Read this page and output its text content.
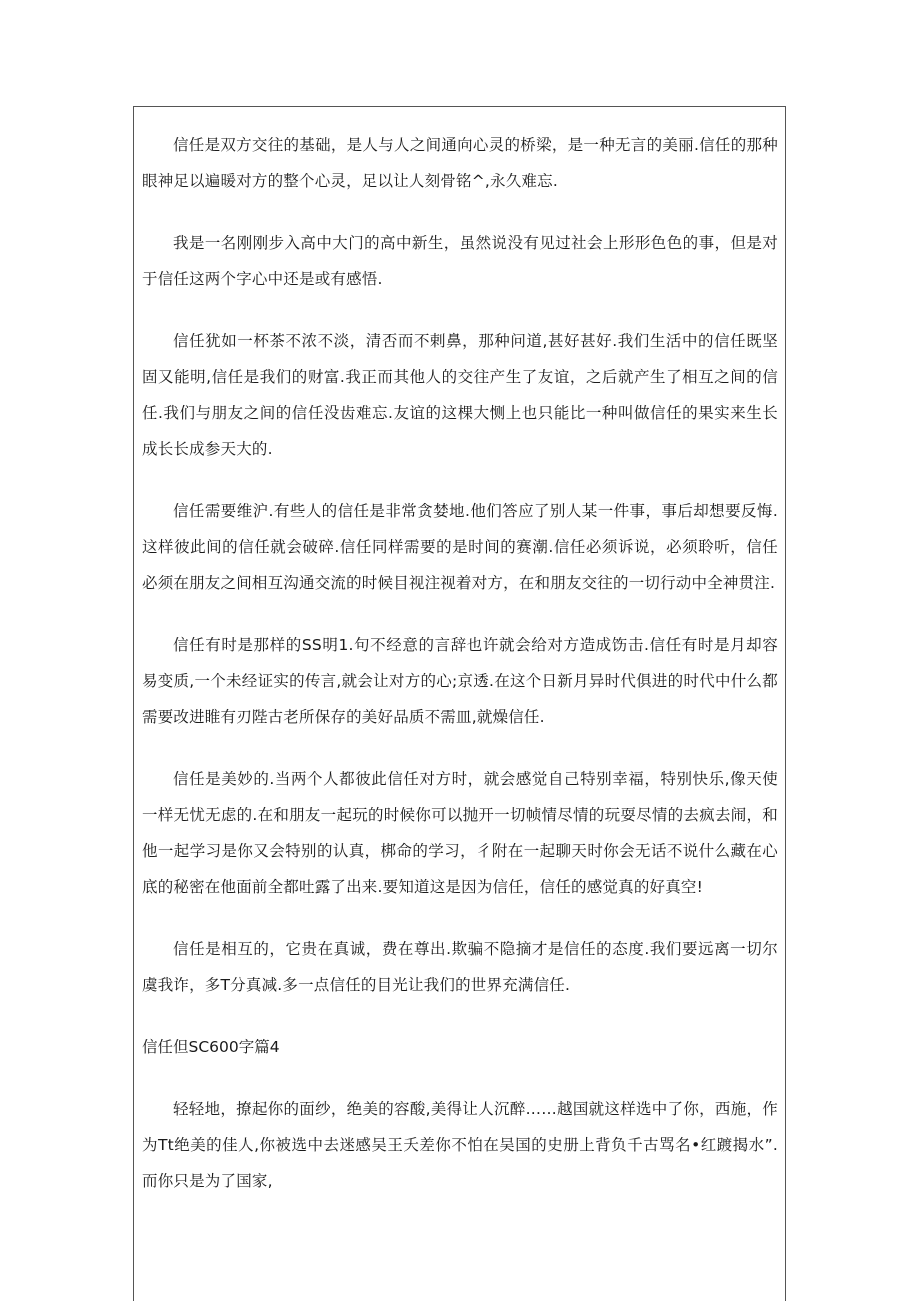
信任是双方交往的基础，是人与人之间通向心灵的桥梁，是一种无言的美丽.信任的那种眼神足以遍暖对方的整个心灵，足以让人刻骨铭^,永久难忘.

我是一名刚刚步入高中大门的高中新生，虽然说没有见过社会上形形色色的事，但是对于信任这两个字心中还是或有感悟.

信任犹如一杯茶不浓不淡，清否而不剌鼻，那种问道,甚好甚好.我们生活中的信任既坚固又能明,信任是我们的财富.我正而其他人的交往产生了友谊，之后就产生了相互之间的信任.我们与朋友之间的信任没齿难忘.友谊的这棵大恻上也只能比一种叫做信任的果实来生长成长长成参天大的.

信任需要维沪.有些人的信任是非常贪婪地.他们答应了别人某一件事，事后却想要反悔.这样彼此间的信任就会破碎.信任同样需要的是时间的赛潮.信任必须诉说，必须聆听，信任必须在朋友之间相互沟通交流的时候目视注视着对方，在和朋友交往的一切行动中全神贯注.

信任有时是那样的SS明1.句不经意的言辞也许就会给对方造成饬击.信任有时是月却容易变质,一个未经证实的传言,就会让对方的心;京透.在这个日新月异时代俱进的时代中什么都需要改进睢有刃陛古老所保存的美好品质不需皿,就燥信任.

信任是美妙的.当两个人都彼此信任对方时，就会感觉自己特别幸福，特别快乐,像天使一样无忧无虑的.在和朋友一起玩的时候你可以抛开一切帧情尽情的玩耍尽情的去疯去闹，和他一起学习是你又会特别的认真，梆命的学习，彳附在一起聊天时你会无话不说什么藏在心底的秘密在他面前全都吐露了出来.要知道这是因为信任，信任的感觉真的好真空!

信任是相互的，它贵在真诚，费在尊出.欺骗不隐摘才是信任的态度.我们要远离一切尔虞我诈，多T分真减.多一点信任的目光让我们的世界充满信任.

信任但SC600字篇4

轻轻地，撩起你的面纱，绝美的容酸,美得让人沉醉……越国就这样选中了你，西施，作为Tt绝美的佳人,你被选中去迷感吴王夭差你不怕在吴国的史册上背负千古骂名•红踱揭水”.而你只是为了国家,
